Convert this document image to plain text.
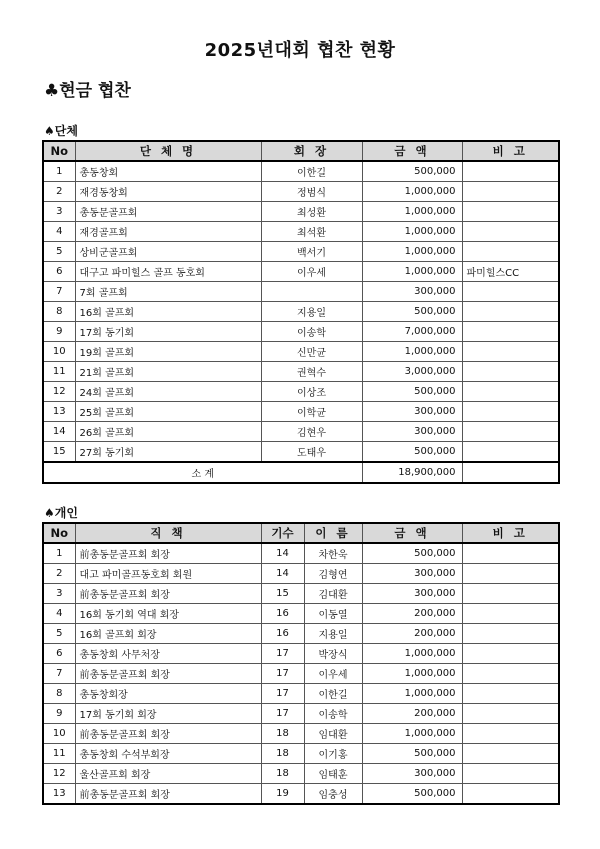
2025년대회 협찬 현황
♣현금 협찬
♠단체
No	단 체 명	회 장	금 액	비 고
1	총동창회	이한길	500,000	
2	재경동창회	정범식	1,000,000	
3	총동문골프회	최성환	1,000,000	
4	재경골프회	최석환	1,000,000	
5	상비군골프회	백서기	1,000,000	
6	대구고 파미힐스 골프 동호회	이우세	1,000,000	파미힐스CC
7	7회 골프회		300,000	
8	16회 골프회	지용일	500,000	
9	17회 동기회	이송학	7,000,000	
10	19회 골프회	신만균	1,000,000	
11	21회 골프회	권혁수	3,000,000	
12	24회 골프회	이상조	500,000	
13	25회 골프회	이학균	300,000	
14	26회 골프회	김현우	300,000	
15	27회 동기회	도태우	500,000	
소 계			18,900,000	
♠개인
No	직 책	기수	이 름	금 액	비 고
1	前총동문골프회 회장	14	차한욱	500,000	
2	대고 파미골프동호회 회원	14	김형연	300,000	
3	前총동문골프회 회장	15	김대환	300,000	
4	16회 동기회 역대 회장	16	이동열	200,000	
5	16회 골프회 회장	16	지용일	200,000	
6	총동창회 사무처장	17	박장식	1,000,000	
7	前총동문골프회 회장	17	이우세	1,000,000	
8	총동창회장	17	이한길	1,000,000	
9	17회 동기회 회장	17	이송학	200,000	
10	前총동문골프회 회장	18	임대환	1,000,000	
11	총동창회 수석부회장	18	이기홍	500,000	
12	울산골프회 회장	18	임태훈	300,000	
13	前총동문골프회 회장	19	임충성	500,000	
